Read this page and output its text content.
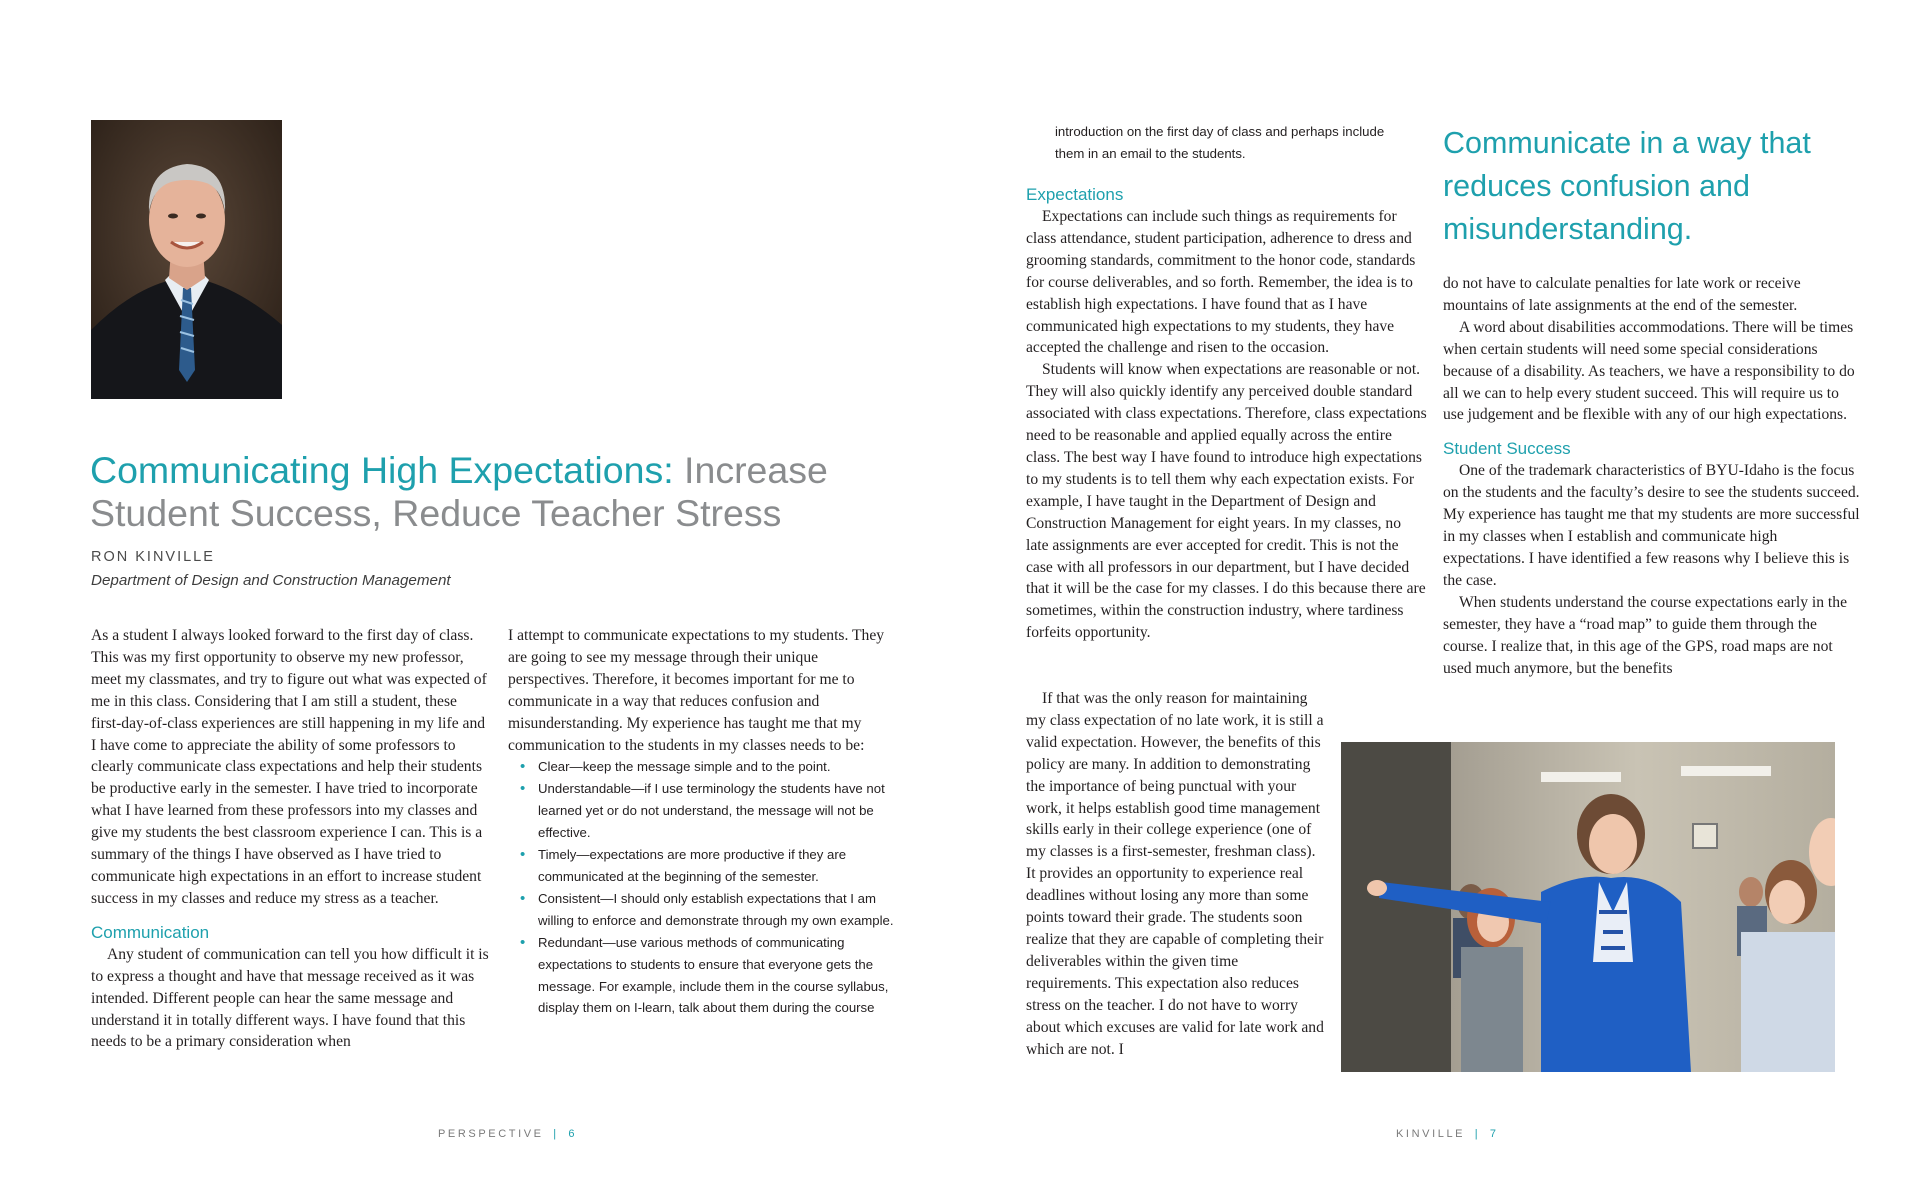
Communicating High Expectations: Increase Student Success, Reduce Teacher Stress
RON KINVILLE
Department of Design and Construction Management

As a student I always looked forward to the first day of class. This was my first opportunity to observe my new professor, meet my classmates, and try to figure out what was expected of me in this class. Considering that I am still a student, these first-day-of-class experiences are still happening in my life and I have come to appreciate the ability of some professors to clearly communicate class expectations and help their students be productive early in the semester. I have tried to incorporate what I have learned from these professors into my classes and give my students the best classroom experience I can. This is a summary of the things I have observed as I have tried to communicate high expectations in an effort to increase student success in my classes and reduce my stress as a teacher.

Communication

Any student of communication can tell you how difficult it is to express a thought and have that message received as it was intended. Different people can hear the same message and understand it in totally different ways. I have found that this needs to be a primary consideration when

I attempt to communicate expectations to my students. They are going to see my message through their unique perspectives. Therefore, it becomes important for me to communicate in a way that reduces confusion and misunderstanding. My experience has taught me that my communication to the students in my classes needs to be:

• Clear—keep the message simple and to the point.
• Understandable—if I use terminology the students have not learned yet or do not understand, the message will not be effective.
• Timely—expectations are more productive if they are communicated at the beginning of the semester.
• Consistent—I should only establish expectations that I am willing to enforce and demonstrate through my own example.
• Redundant—use various methods of communicating expectations to students to ensure that everyone gets the message. For example, include them in the course syllabus, display them on I-learn, talk about them during the course
PERSPECTIVE | 6
introduction on the first day of class and perhaps include them in an email to the students.

Expectations

Expectations can include such things as requirements for class attendance, student participation, adherence to dress and grooming standards, commitment to the honor code, standards for course deliverables, and so forth. Remember, the idea is to establish high expectations. I have found that as I have communicated high expectations to my students, they have accepted the challenge and risen to the occasion.

Students will know when expectations are reasonable or not. They will also quickly identify any perceived double standard associated with class expectations. Therefore, class expectations need to be reasonable and applied equally across the entire class. The best way I have found to introduce high expectations to my students is to tell them why each expectation exists. For example, I have taught in the Department of Design and Construction Management for eight years. In my classes, no late assignments are ever accepted for credit. This is not the case with all professors in our department, but I have decided that it will be the case for my classes. I do this because there are sometimes, within the construction industry, where tardiness forfeits opportunity.

If that was the only reason for maintaining my class expectation of no late work, it is still a valid expectation. However, the benefits of this policy are many. In addition to demonstrating the importance of being punctual with your work, it helps establish good time management skills early in their college experience (one of my classes is a first-semester, freshman class). It provides an opportunity to experience real deadlines without losing any more than some points toward their grade. The students soon realize that they are capable of completing their deliverables within the given time requirements. This expectation also reduces stress on the teacher. I do not have to worry about which excuses are valid for late work and which are not. I

Communicate in a way that reduces confusion and misunderstanding.

do not have to calculate penalties for late work or receive mountains of late assignments at the end of the semester.

A word about disabilities accommodations. There will be times when certain students will need some special considerations because of a disability. As teachers, we have a responsibility to do all we can to help every student succeed. This will require us to use judgement and be flexible with any of our high expectations.

Student Success

One of the trademark characteristics of BYU-Idaho is the focus on the students and the faculty’s desire to see the students succeed. My experience has taught me that my students are more successful in my classes when I establish and communicate high expectations. I have identified a few reasons why I believe this is the case.

When students understand the course expectations early in the semester, they have a “road map” to guide them through the course. I realize that, in this age of the GPS, road maps are not used much anymore, but the benefits

KINVILLE | 7
